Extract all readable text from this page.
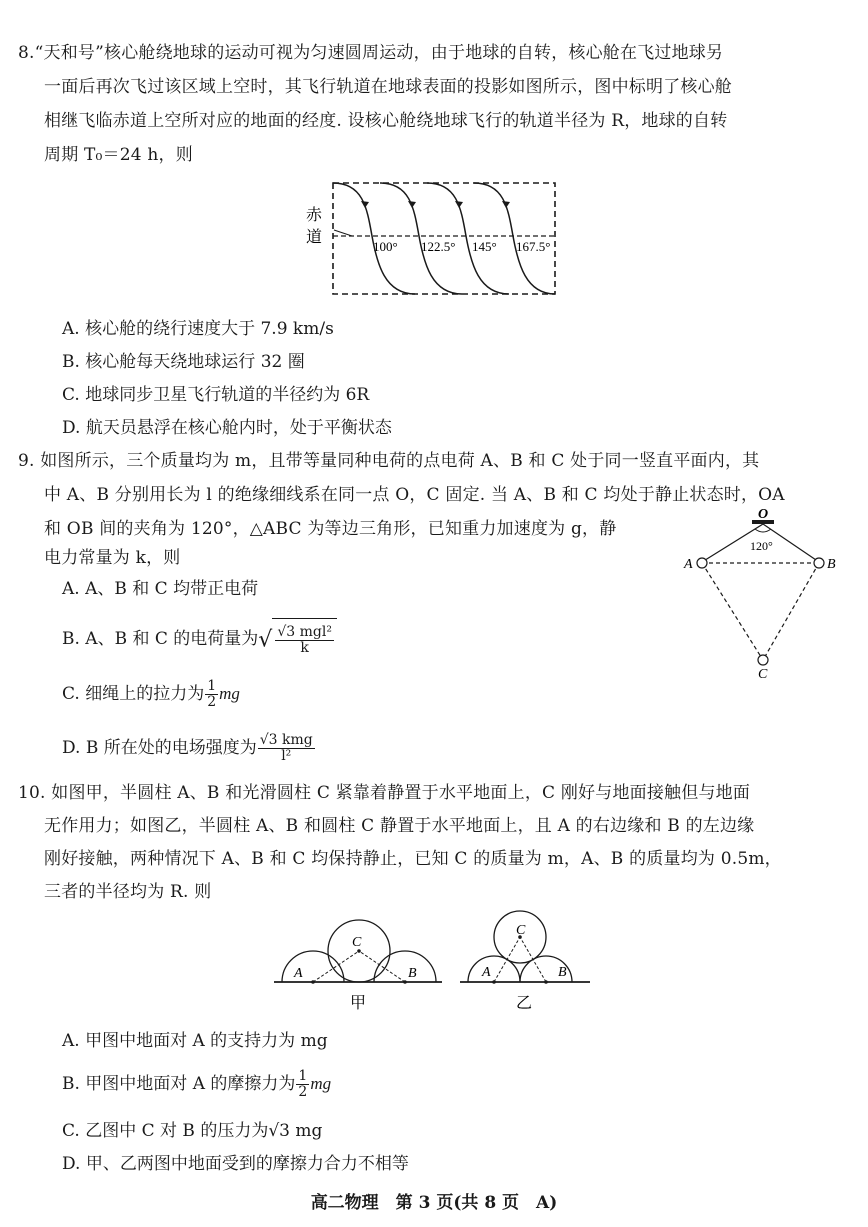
8.“天和号”核心舱绕地球的运动可视为匀速圆周运动，由于地球的自转，核心舱在飞过地球另
一面后再次飞过该区域上空时，其飞行轨道在地球表面的投影如图所示，图中标明了核心舱
相继飞临赤道上空所对应的地面的经度. 设核心舱绕地球飞行的轨道半径为 R，地球的自转
周期 T₀＝24 h，则
赤
道
100° 122.5° 145° 167.5°
A. 核心舱的绕行速度大于 7.9 km/s
B. 核心舱每天绕地球运行 32 圈
C. 地球同步卫星飞行轨道的半径约为 6R
D. 航天员悬浮在核心舱内时，处于平衡状态
9. 如图所示，三个质量均为 m，且带等量同种电荷的点电荷 A、B 和 C 处于同一竖直平面内，其
中 A、B 分别用长为 l 的绝缘细线系在同一点 O，C 固定. 当 A、B 和 C 均处于静止状态时，OA
和 OB 间的夹角为 120°，△ABC 为等边三角形，已知重力加速度为 g，静
电力常量为 k，则
O
120°
A	B
C
A. A、B 和 C 均带正电荷
B. A、B 和 C 的电荷量为√ $\frac{\text{√3 mgl²}}{k}$
C. 细绳上的拉力为 $\frac{1}{2}$ mg
D. B 所在处的电场强度为 $\frac{\text{√3 kmg}}{\text{l²}}$
10. 如图甲，半圆柱 A、B 和光滑圆柱 C 紧靠着静置于水平地面上，C 刚好与地面接触但与地面
无作用力；如图乙，半圆柱 A、B 和圆柱 C 静置于水平地面上，且 A 的右边缘和 B 的左边缘
刚好接触，两种情况下 A、B 和 C 均保持静止，已知 C 的质量为 m，A、B 的质量均为 0.5m，
三者的半径均为 R. 则
C
A	B
甲
C
A	B
乙
A. 甲图中地面对 A 的支持力为 mg
B. 甲图中地面对 A 的摩擦力为 $\frac{1}{2}$ mg
C. 乙图中 C 对 B 的压力为√3 mg
D. 甲、乙两图中地面受到的摩擦力合力不相等
高二物理　第 3 页(共 8 页　A)
